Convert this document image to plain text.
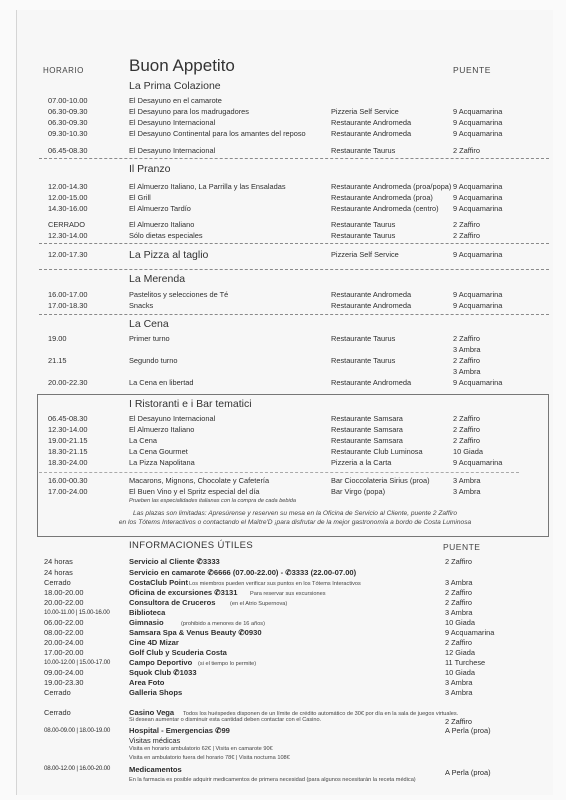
HORARIO	Buon Appetito	PUENTE
La Prima Colazione
07.00-10.00	El Desayuno en el camarote
06.30-09.30	El Desayuno para los madrugadores	Pizzeria Self Service	9 Acquamarina
06.30-09.30	El Desayuno Internacional	Restaurante Andromeda	9 Acquamarina
09.30-10.30	El Desayuno Continental para los amantes del reposo	Restaurante Andromeda	9 Acquamarina
06.45-08.30	El Desayuno Internacional	Restaurante Taurus	2 Zaffiro
Il Pranzo
12.00-14.30	El Almuerzo Italiano, La Parrilla y las Ensaladas	Restaurante Andromeda (proa/popa) 9 Acquamarina
12.00-15.00	El Grill	Restaurante Andromeda (proa)	9 Acquamarina
14.30-16.00	El Almuerzo Tardío	Restaurante Andromeda (centro) 9 Acquamarina
CERRADO	El Almuerzo Italiano	Restaurante Taurus	2 Zaffiro
12.30-14.00	Sólo dietas especiales	Restaurante Taurus	2 Zaffiro
12.00-17.30	La Pizza al taglio	Pizzeria Self Service	9 Acquamarina
La Merenda
16.00-17.00	Pastelitos y selecciones de Té	Restaurante Andromeda	9 Acquamarina
17.00-18.30	Snacks	Restaurante Andromeda	9 Acquamarina
La Cena
19.00	Primer turno	Restaurante Taurus	2 Zaffiro
3 Ambra
21.15	Segundo turno	Restaurante Taurus	2 Zaffiro
3 Ambra
20.00-22.30	La Cena en libertad	Restaurante Andromeda	9 Acquamarina
I Ristoranti e i Bar tematici
06.45-08.30	El Desayuno Internacional	Restaurante Samsara	2 Zaffiro
12.30-14.00	El Almuerzo Italiano	Restaurante Samsara	2 Zaffiro
19.00-21.15	La Cena	Restaurante Samsara	2 Zaffiro
18.30-21.15	La Cena Gourmet	Restaurante Club Luminosa	10 Giada
18.30-24.00	La Pizza Napolitana	Pizzeria a la Carta	9 Acquamarina
16.00-00.30	Macarons, Mignons, Chocolate y Cafetería	Bar Cioccolateria Sirius (proa)	3 Ambra
17.00-24.00	El Buen Vino y el Spritz especial del día	Bar Virgo (popa)	3 Ambra
Prueben las especialidades italianas con la compra de cada bebida
Las plazas son limitadas: Apresúrense y reserven su mesa en la Oficina de Servicio al Cliente, puente 2 Zaffiro
en los Tótems Interactivos o contactando el Maître'D ¡para disfrutar de la mejor gastronomía a bordo de Costa Luminosa
INFORMACIONES ÚTILES	PUENTE
24 horas	Servicio al Cliente ✆3333	2 Zaffiro
24 horas	Servicio en camarote ✆6666 (07.00-22.00) - ✆3333 (22.00-07.00)
Cerrado	CostaClub Point Los miembros pueden verificar sus puntos en los Tótems Interactivos	3 Ambra
18.00-20.00	Oficina de excursiones ✆3131 Para reservar sus excursiones	2 Zaffiro
20.00-22.00	Consultora de Cruceros	(en el Atrio Supernova)	2 Zaffiro
10.00-11.00 | 15.00-16.00	Biblioteca	3 Ambra
06.00-22.00	Gimnasio	(prohibido a menores de 16 años)	10 Giada
08.00-22.00	Samsara Spa & Venus Beauty ✆0930	9 Acquamarina
20.00-24.00	Cine 4D Mizar	2 Zaffiro
17.00-20.00	Golf Club y Scuderia Costa	12 Giada
10.00-12.00 | 15.00-17.00 Campo Deportivo (si el tiempo lo permite)	11 Turchese
09.00-24.00	Squok Club ✆1033	10 Giada
19.00-23.30	Area Foto	3 Ambra
Cerrado	Galleria Shops	3 Ambra
Cerrado	Casino Vega Todos los huéspedes disponen de un límite de crédito automático de 30€ por día en la sala de juegos virtuales.
08.00-09.00 | 18.00-19.00 Hospital - Emergencias ✆99	A Perla (proa)
Si desean aumentar o disminuir esta cantidad deben contactar con el Casino.	2 Zaffiro
Visitas médicas
Visita en horario ambulatorio 62€ | Visita en camarote 90€
Visita en ambulatorio fuera del horario 78€ | Visita nocturna 108€
08.00-12.00 | 16.00-20.00 Medicamentos	A Perla (proa)
En la farmacia es posible adquirir medicamentos de primera necesidad (para algunos necesitarán la receta médica)
